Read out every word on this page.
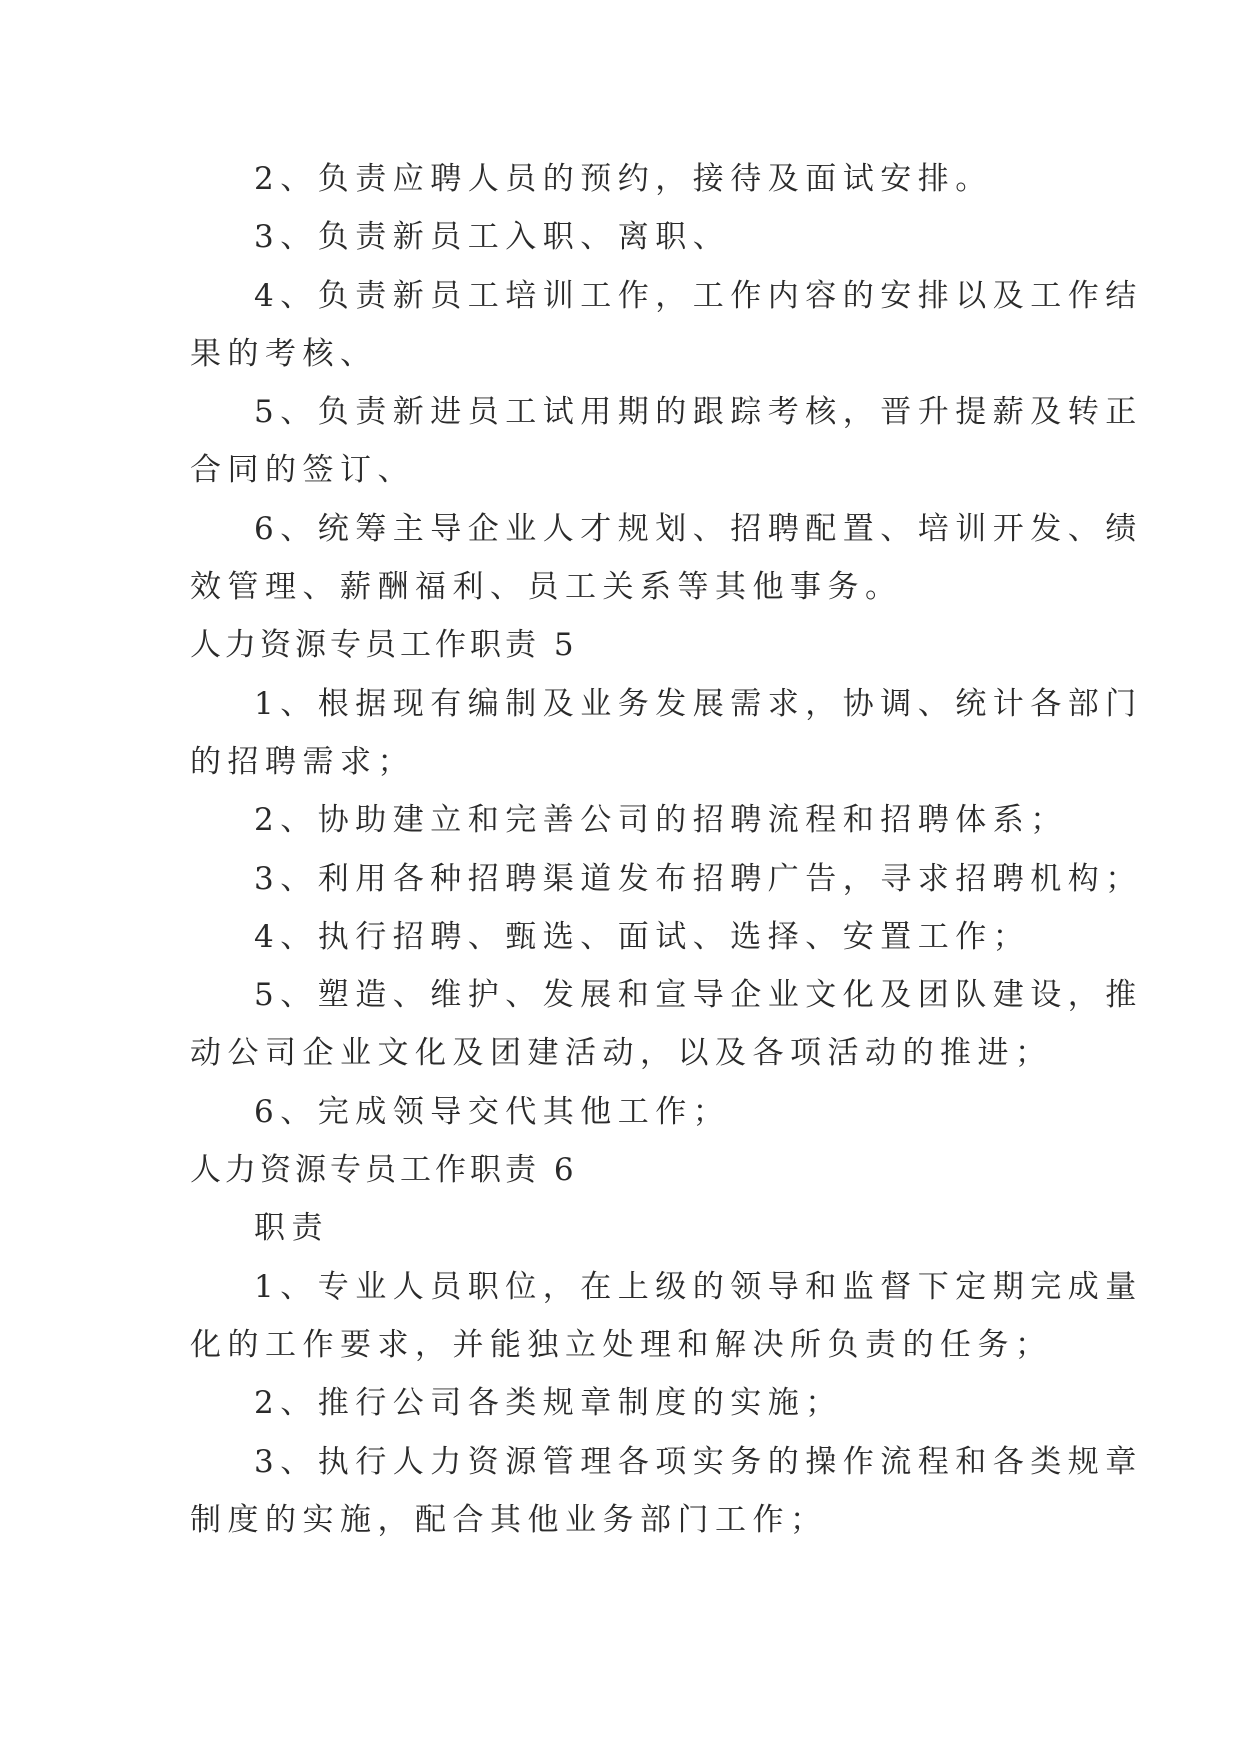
2、负责应聘人员的预约，接待及面试安排。
3、负责新员工入职、离职、
4、负责新员工培训工作，工作内容的安排以及工作结
果的考核、
5、负责新进员工试用期的跟踪考核，晋升提薪及转正
合同的签订、
6、统筹主导企业人才规划、招聘配置、培训开发、绩
效管理、薪酬福利、员工关系等其他事务。
人力资源专员工作职责 5
1、根据现有编制及业务发展需求，协调、统计各部门
的招聘需求；
2、协助建立和完善公司的招聘流程和招聘体系；
3、利用各种招聘渠道发布招聘广告，寻求招聘机构；
4、执行招聘、甄选、面试、选择、安置工作；
5、塑造、维护、发展和宣导企业文化及团队建设，推
动公司企业文化及团建活动，以及各项活动的推进；
6、完成领导交代其他工作；
人力资源专员工作职责 6
职责
1、专业人员职位，在上级的领导和监督下定期完成量
化的工作要求，并能独立处理和解决所负责的任务；
2、推行公司各类规章制度的实施；
3、执行人力资源管理各项实务的操作流程和各类规章
制度的实施，配合其他业务部门工作；
